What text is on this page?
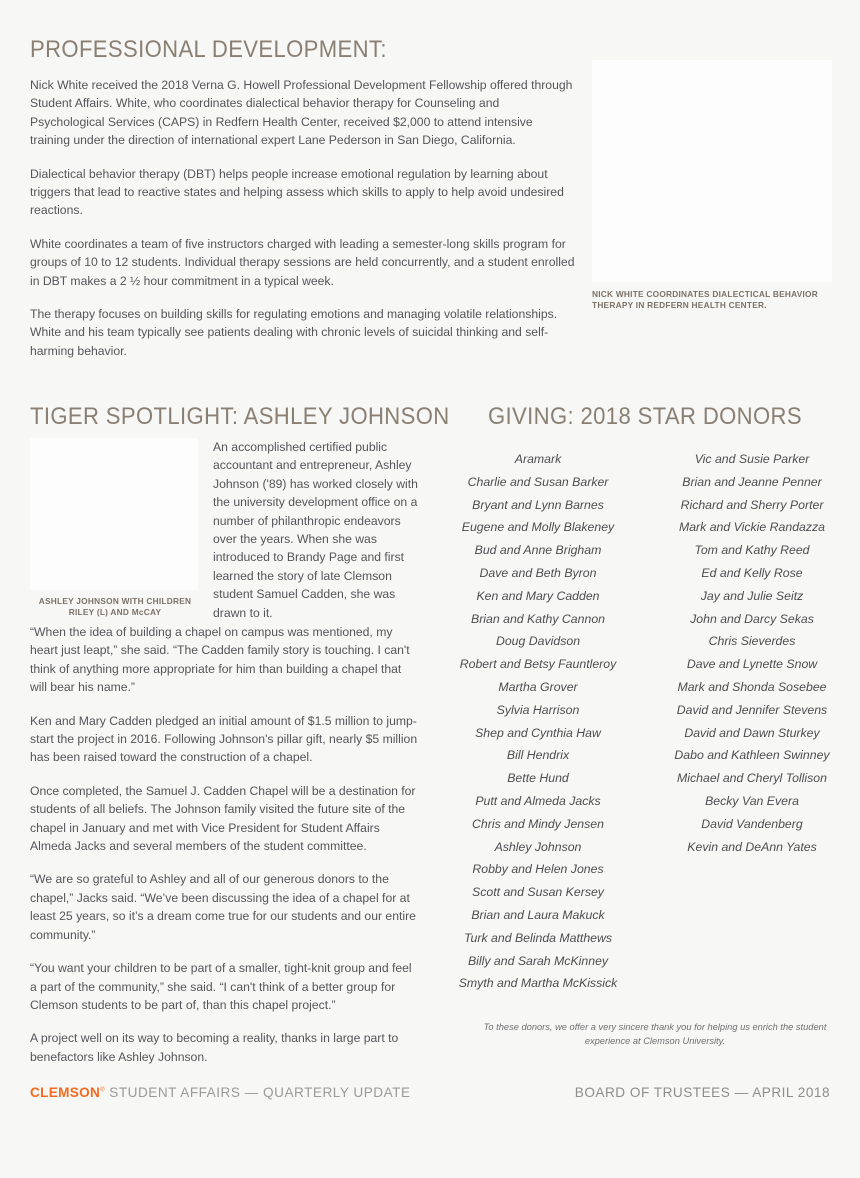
PROFESSIONAL DEVELOPMENT:

Nick White received the 2018 Verna G. Howell Professional Development Fellowship offered through Student Affairs. White, who coordinates dialectical behavior therapy for Counseling and Psychological Services (CAPS) in Redfern Health Center, received $2,000 to attend intensive training under the direction of international expert Lane Pederson in San Diego, California.

Dialectical behavior therapy (DBT) helps people increase emotional regulation by learning about triggers that lead to reactive states and helping assess which skills to apply to help avoid undesired reactions.

White coordinates a team of five instructors charged with leading a semester-long skills program for groups of 10 to 12 students. Individual therapy sessions are held concurrently, and a student enrolled in DBT makes a 2 ½ hour commitment in a typical week.

The therapy focuses on building skills for regulating emotions and managing volatile relationships. White and his team typically see patients dealing with chronic levels of suicidal thinking and self-harming behavior.

NICK WHITE COORDINATES DIALECTICAL BEHAVIOR THERAPY IN REDFERN HEALTH CENTER.
TIGER SPOTLIGHT: ASHLEY JOHNSON
ASHLEY JOHNSON WITH CHILDREN
RILEY (L) AND McCAY

An accomplished certified public accountant and entrepreneur, Ashley Johnson ('89) has worked closely with the university development office on a number of philanthropic endeavors over the years. When she was introduced to Brandy Page and first learned the story of late Clemson student Samuel Cadden, she was drawn to it.

“When the idea of building a chapel on campus was mentioned, my heart just leapt,” she said. “The Cadden family story is touching. I can't think of anything more appropriate for him than building a chapel that will bear his name.”

Ken and Mary Cadden pledged an initial amount of $1.5 million to jump-start the project in 2016. Following Johnson's pillar gift, nearly $5 million has been raised toward the construction of a chapel.

Once completed, the Samuel J. Cadden Chapel will be a destination for students of all beliefs. The Johnson family visited the future site of the chapel in January and met with Vice President for Student Affairs Almeda Jacks and several members of the student committee.

“We are so grateful to Ashley and all of our generous donors to the chapel,” Jacks said. “We’ve been discussing the idea of a chapel for at least 25 years, so it’s a dream come true for our students and our entire community.”

“You want your children to be part of a smaller, tight-knit group and feel a part of the community,” she said. “I can't think of a better group for Clemson students to be part of, than this chapel project.”

A project well on its way to becoming a reality, thanks in large part to benefactors like Ashley Johnson.

GIVING: 2018 STAR DONORS
Aramark
Charlie and Susan Barker
Bryant and Lynn Barnes
Eugene and Molly Blakeney
Bud and Anne Brigham
Dave and Beth Byron
Ken and Mary Cadden
Brian and Kathy Cannon
Doug Davidson
Robert and Betsy Fauntleroy
Martha Grover
Sylvia Harrison
Shep and Cynthia Haw
Bill Hendrix
Bette Hund
Putt and Almeda Jacks
Chris and Mindy Jensen
Ashley Johnson
Robby and Helen Jones
Scott and Susan Kersey
Brian and Laura Makuck
Turk and Belinda Matthews
Billy and Sarah McKinney
Smyth and Martha McKissick
Vic and Susie Parker
Brian and Jeanne Penner
Richard and Sherry Porter
Mark and Vickie Randazza
Tom and Kathy Reed
Ed and Kelly Rose
Jay and Julie Seitz
John and Darcy Sekas
Chris Sieverdes
Dave and Lynette Snow
Mark and Shonda Sosebee
David and Jennifer Stevens
David and Dawn Sturkey
Dabo and Kathleen Swinney
Michael and Cheryl Tollison
Becky Van Evera
David Vandenberg
Kevin and DeAnn Yates
To these donors, we offer a very sincere thank you for helping us enrich the student experience at Clemson University.
CLEMSON® STUDENT AFFAIRS — QUARTERLY UPDATE	BOARD OF TRUSTEES — APRIL 2018
